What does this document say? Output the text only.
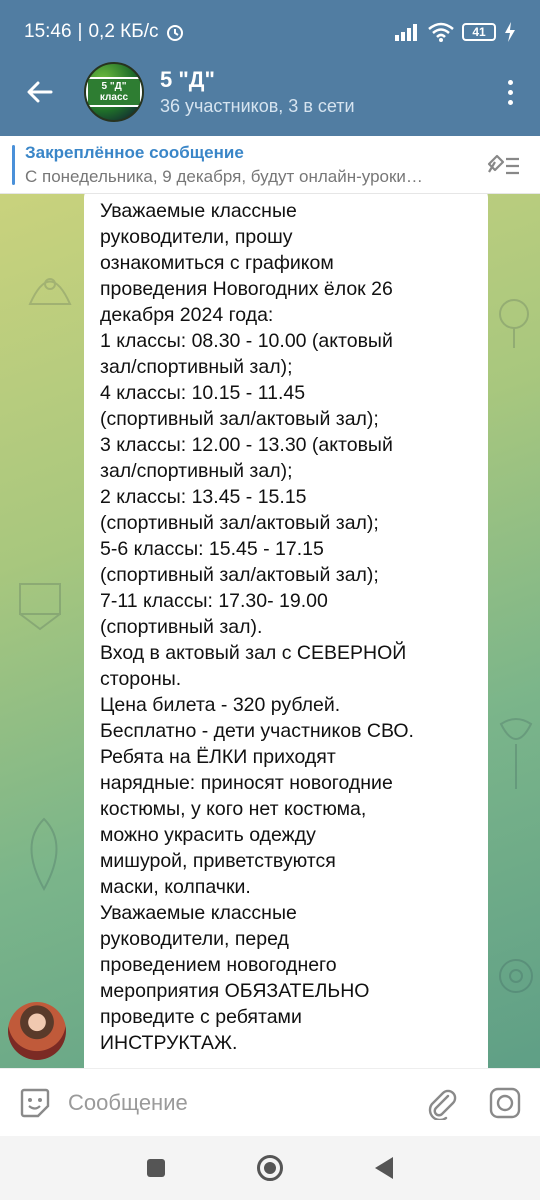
15:46 | 0,2 КБ/с	41
5 "Д" класс
5 "Д"
36 участников, 3 в сети
Закреплённое сообщение
С понедельника, 9 декабря, будут онлайн-уроки…
Уважаемые классные
руководители, прошу
ознакомиться с графиком
проведения Новогодних ёлок 26
декабря 2024 года:
1 классы: 08.30 - 10.00 (актовый
зал/спортивный зал);
4 классы: 10.15 - 11.45
(спортивный зал/актовый зал);
3 классы: 12.00 - 13.30 (актовый
зал/спортивный зал);
2 классы: 13.45 - 15.15
(спортивный зал/актовый зал);
5-6 классы: 15.45 - 17.15
(спортивный зал/актовый зал);
7-11 классы: 17.30- 19.00
(спортивный зал).
Вход в актовый зал с СЕВЕРНОЙ
стороны.
Цена билета - 320 рублей.
Бесплатно - дети участников СВО.
Ребята на ЁЛКИ приходят
нарядные: приносят новогодние
костюмы, у кого нет костюма,
можно украсить одежду
мишурой, приветствуются
маски, колпачки.
Уважаемые классные
руководители, перед
проведением новогоднего
мероприятия ОБЯЗАТЕЛЬНО
проведите с ребятами
ИНСТРУКТАЖ.
Сообщение
